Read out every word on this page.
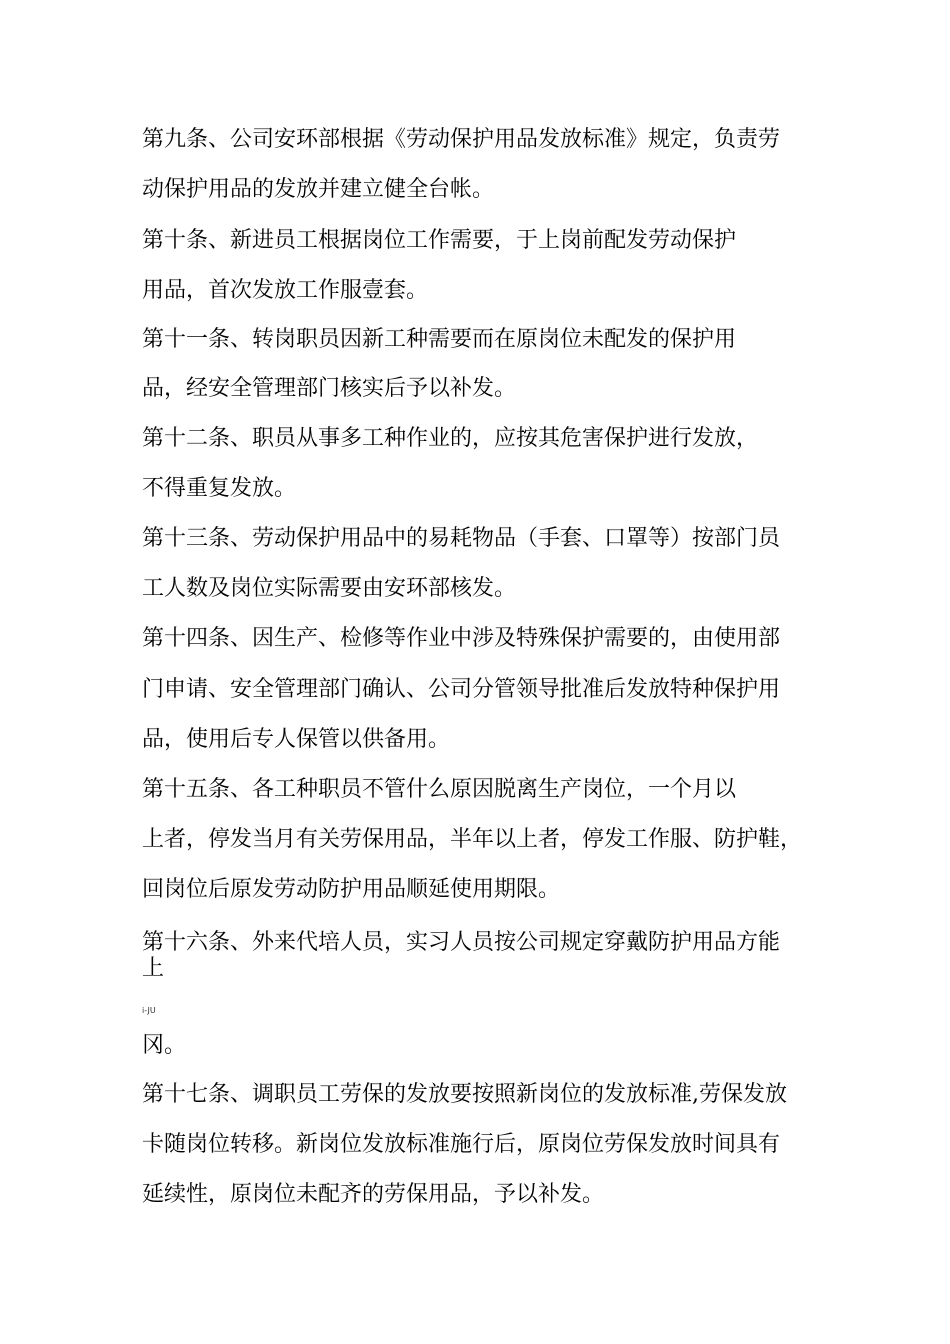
第九条、公司安环部根据《劳动保护用品发放标准》规定，负责劳

动保护用品的发放并建立健全台帐。

第十条、新进员工根据岗位工作需要，于上岗前配发劳动保护

用品，首次发放工作服壹套。

第十一条、转岗职员因新工种需要而在原岗位未配发的保护用

品，经安全管理部门核实后予以补发。

第十二条、职员从事多工种作业的，应按其危害保护进行发放，

不得重复发放。

第十三条、劳动保护用品中的易耗物品（手套、口罩等）按部门员

工人数及岗位实际需要由安环部核发。

第十四条、因生产、检修等作业中涉及特殊保护需要的，由使用部

门申请、安全管理部门确认、公司分管领导批准后发放特种保护用

品，使用后专人保管以供备用。

第十五条、各工种职员不管什么原因脱离生产岗位，一个月以

上者，停发当月有关劳保用品，半年以上者，停发工作服、防护鞋，

回岗位后原发劳动防护用品顺延使用期限。

第十六条、外来代培人员，实习人员按公司规定穿戴防护用品方能

上

i-JU

冈。

第十七条、调职员工劳保的发放要按照新岗位的发放标准,劳保发放

卡随岗位转移。新岗位发放标准施行后，原岗位劳保发放时间具有

延续性，原岗位未配齐的劳保用品，予以补发。
